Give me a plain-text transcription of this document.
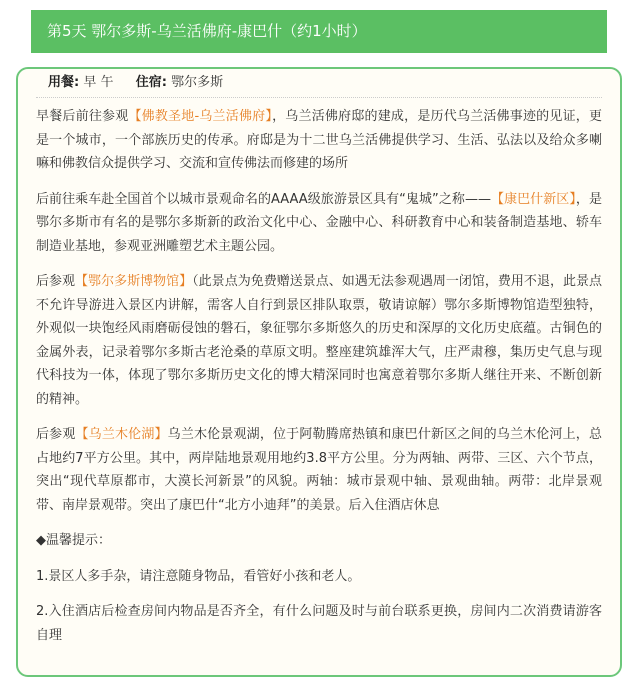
第5天 鄂尔多斯-乌兰活佛府-康巴什（约1小时）
用餐: 早 午 住宿: 鄂尔多斯

早餐后前往参观【佛教圣地-乌兰活佛府】，乌兰活佛府邸的建成，是历代乌兰活佛事迹的见证，更是一个城市，一个部族历史的传承。府邸是为十二世乌兰活佛提供学习、生活、弘法以及给众多喇嘛和佛教信众提供学习、交流和宣传佛法而修建的场所

后前往乘车赴全国首个以城市景观命名的AAAA级旅游景区具有“鬼城”之称——【康巴什新区】，是鄂尔多斯市有名的是鄂尔多斯新的政治文化中心、金融中心、科研教育中心和装备制造基地、轿车制造业基地，参观亚洲雕塑艺术主题公园。

后参观【鄂尔多斯博物馆】（此景点为免费赠送景点、如遇无法参观遇周一闭馆，费用不退，此景点不允许导游进入景区内讲解，需客人自行到景区排队取票，敬请谅解）鄂尔多斯博物馆造型独特，外观似一块饱经风雨磨砺侵蚀的磐石，象征鄂尔多斯悠久的历史和深厚的文化历史底蕴。古铜色的金属外表，记录着鄂尔多斯古老沧桑的草原文明。整座建筑雄浑大气，庄严肃穆，集历史气息与现代科技为一体，体现了鄂尔多斯历史文化的博大精深同时也寓意着鄂尔多斯人继往开来、不断创新的精神。

后参观【乌兰木伦湖】乌兰木伦景观湖，位于阿勒腾席热镇和康巴什新区之间的乌兰木伦河上，总占地约7平方公里。其中，两岸陆地景观用地约3.8平方公里。分为两轴、两带、三区、六个节点，突出“现代草原都市，大漠长河新景”的风貌。两轴：城市景观中轴、景观曲轴。两带：北岸景观带、南岸景观带。突出了康巴什“北方小迪拜”的美景。后入住酒店休息

◆温馨提示：

1.景区人多手杂，请注意随身物品，看管好小孩和老人。

2.入住酒店后检查房间内物品是否齐全，有什么问题及时与前台联系更换，房间内二次消费请游客自理
